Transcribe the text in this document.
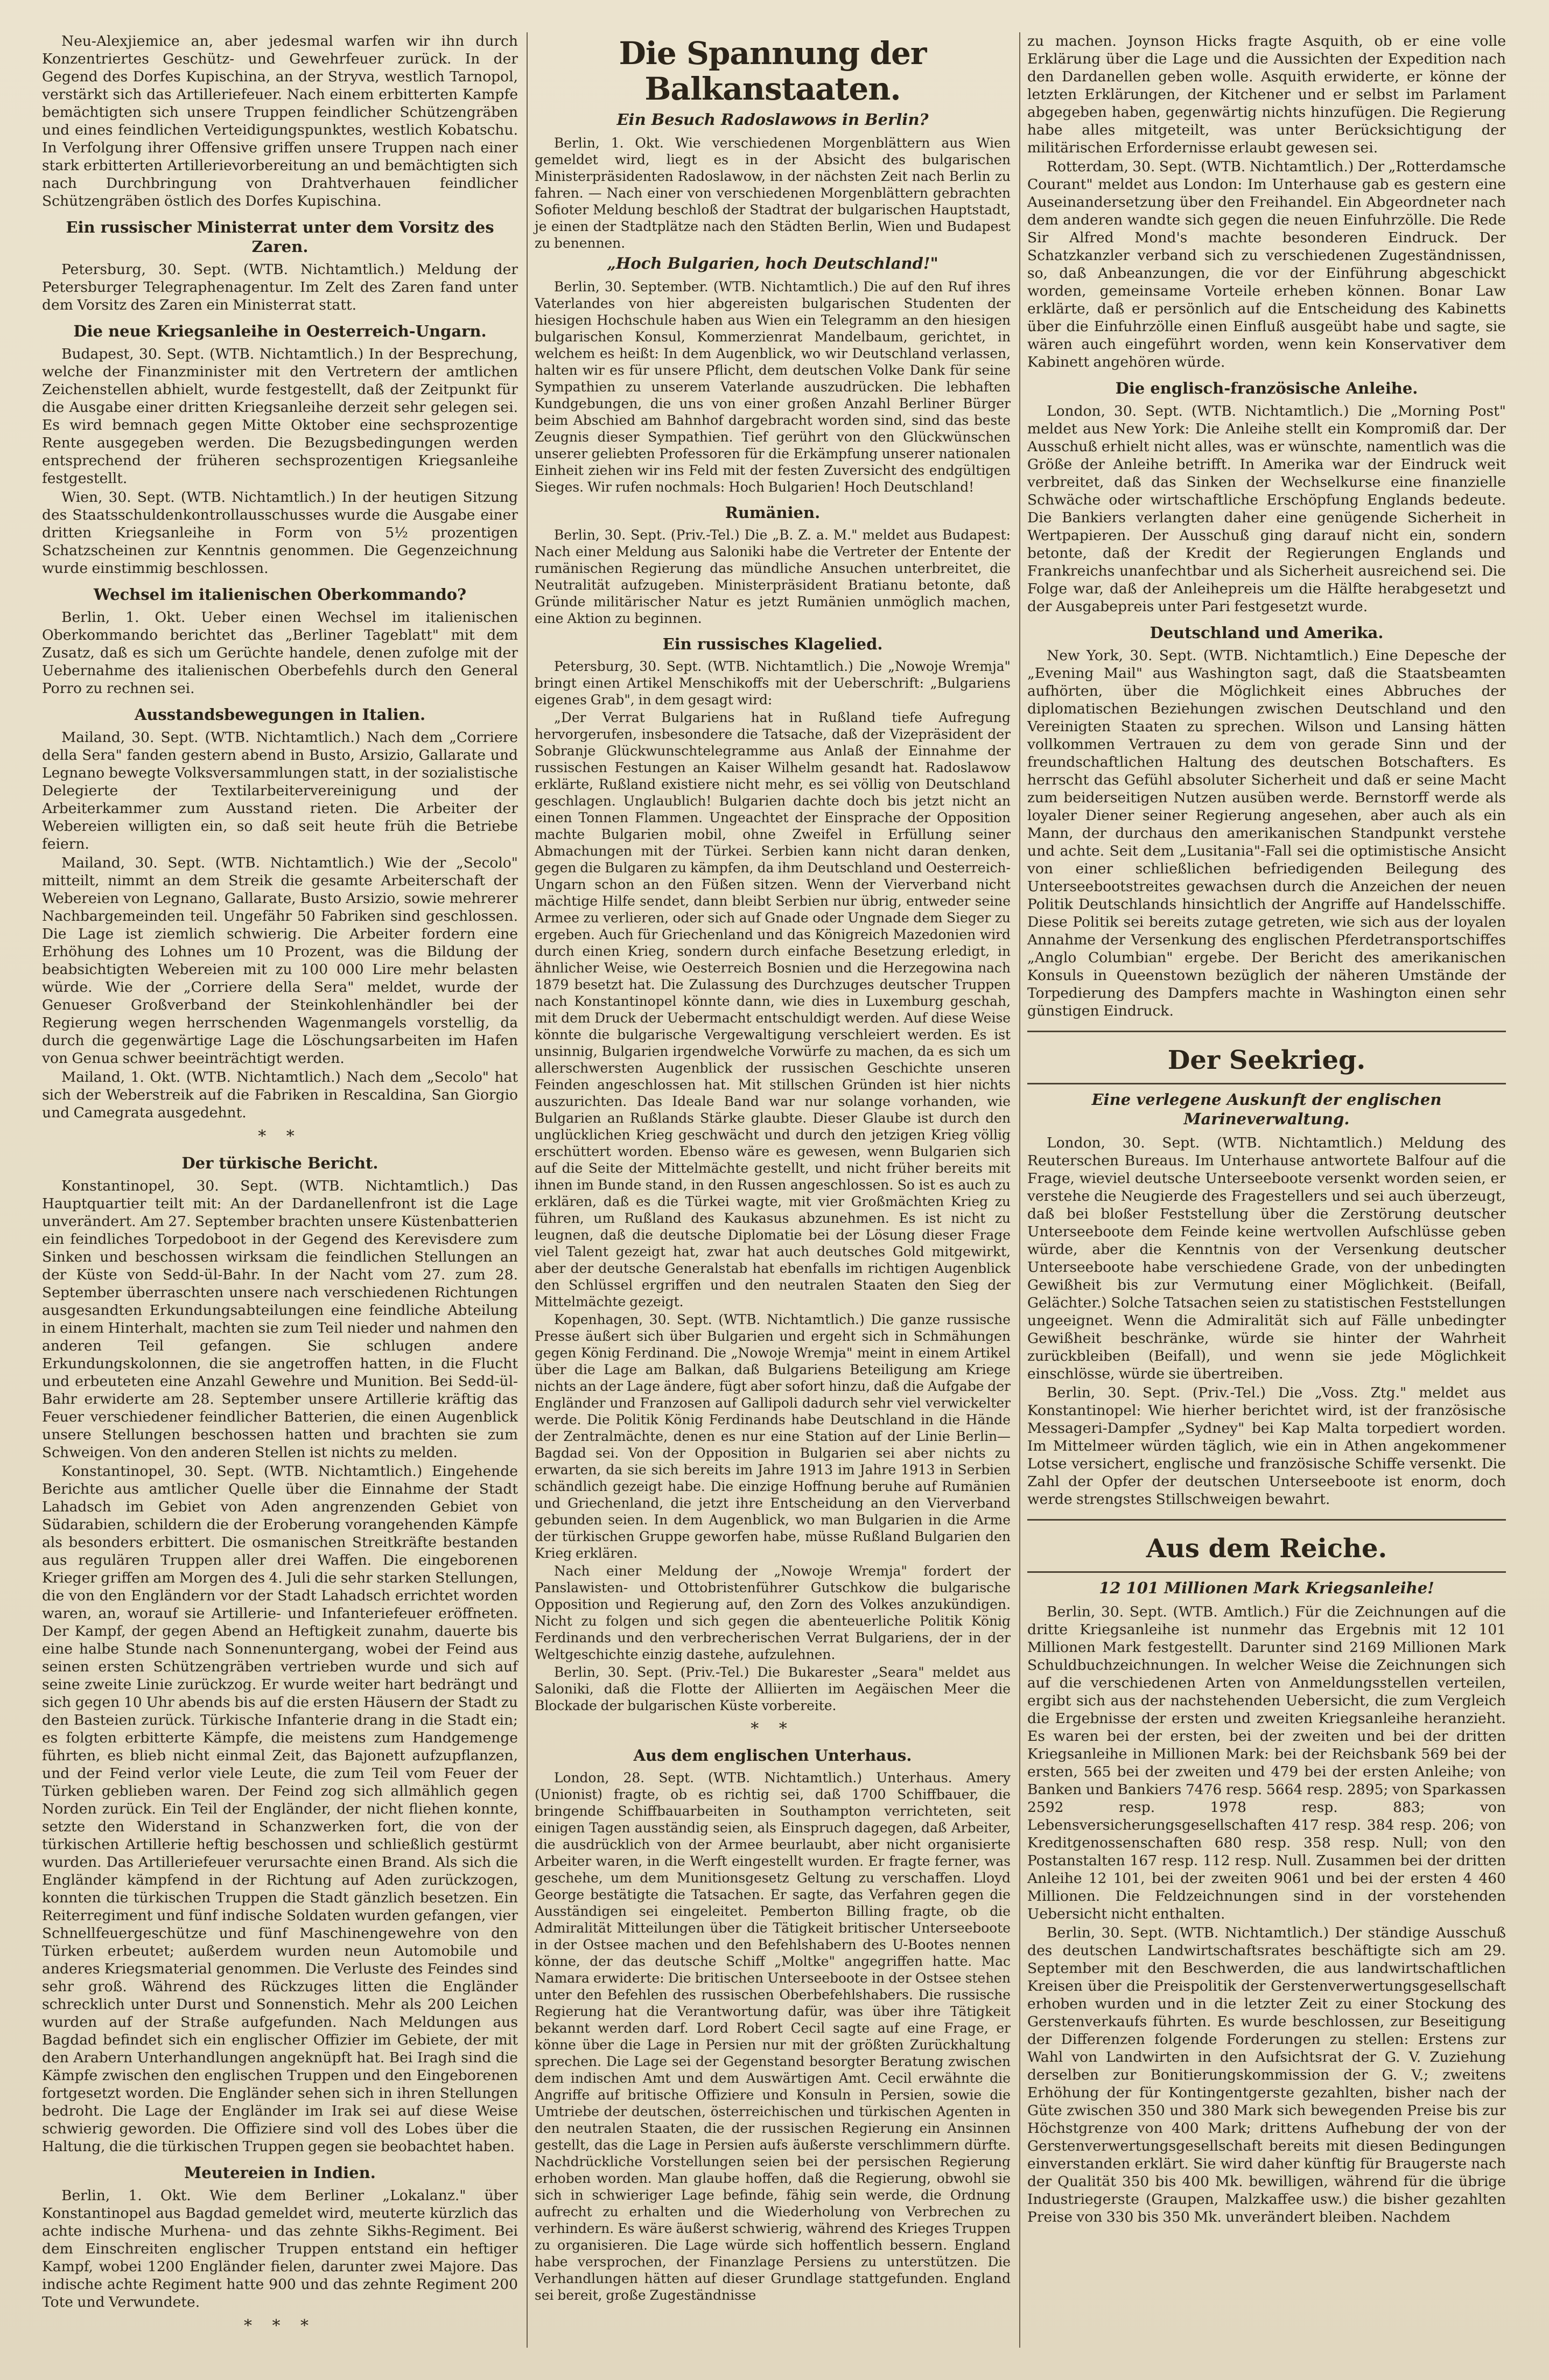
Neu-Alexjiemice an, aber jedesmal warfen wir ihn durch Konzentriertes Geschütz- und Gewehrfeuer zurück. In der Gegend des Dorfes Kupischina, an der Stryva, westlich Tarnopol, verstärkt sich das Artilleriefeuer. Nach einem erbitterten Kampfe bemächtigten sich unsere Truppen feindlicher Schützengräben und eines feindlichen Verteidigungspunktes, westlich Kobatschu. In Verfolgung ihrer Offensive griffen unsere Truppen nach einer stark erbitterten Artillerievorbereitung an und bemächtigten sich nach Durchbringung von Drahtverhauen feindlicher Schützengräben östlich des Dorfes Kupischina.

Ein russischer Ministerrat unter dem Vorsitz des Zaren.

Petersburg, 30. Sept. (WTB. Nichtamtlich.) Meldung der Petersburger Telegraphenagentur. Im Zelt des Zaren fand unter dem Vorsitz des Zaren ein Ministerrat statt.

Die neue Kriegsanleihe in Oesterreich-Ungarn.

Budapest, 30. Sept. (WTB. Nichtamtlich.) In der Besprechung, welche der Finanzminister mit den Vertretern der amtlichen Zeichenstellen abhielt, wurde festgestellt, daß der Zeitpunkt für die Ausgabe einer dritten Kriegsanleihe derzeit sehr gelegen sei. Es wird bemnach gegen Mitte Oktober eine sechsprozentige Rente ausgegeben werden. Die Bezugsbedingungen werden entsprechend der früheren sechsprozentigen Kriegsanleihe festgestellt.

Wien, 30. Sept. (WTB. Nichtamtlich.) In der heutigen Sitzung des Staatsschuldenkontrollausschusses wurde die Ausgabe einer dritten Kriegsanleihe in Form von 5½ prozentigen Schatzscheinen zur Kenntnis genommen. Die Gegenzeichnung wurde einstimmig beschlossen.

Wechsel im italienischen Oberkommando?

Berlin, 1. Okt. Ueber einen Wechsel im italienischen Oberkommando berichtet das „Berliner Tageblatt" mit dem Zusatz, daß es sich um Gerüchte handele, denen zufolge mit der Uebernahme des italienischen Oberbefehls durch den General Porro zu rechnen sei.

Ausstandsbewegungen in Italien.

Mailand, 30. Sept. (WTB. Nichtamtlich.) Nach dem „Corriere della Sera" fanden gestern abend in Busto, Arsizio, Gallarate und Legnano bewegte Volksversammlungen statt, in der sozialistische Delegierte der Textilarbeitervereinigung und der Arbeiterkammer zum Ausstand rieten. Die Arbeiter der Webereien willigten ein, so daß seit heute früh die Betriebe feiern.

Mailand, 30. Sept. (WTB. Nichtamtlich.) Wie der „Secolo" mitteilt, nimmt an dem Streik die gesamte Arbeiterschaft der Webereien von Legnano, Gallarate, Busto Arsizio, sowie mehrerer Nachbargemeinden teil. Ungefähr 50 Fabriken sind geschlossen. Die Lage ist ziemlich schwierig. Die Arbeiter fordern eine Erhöhung des Lohnes um 10 Prozent, was die Bildung der beabsichtigten Webereien mit zu 100 000 Lire mehr belasten würde. Wie der „Corriere della Sera" meldet, wurde der Genueser Großverband der Steinkohlenhändler bei der Regierung wegen herrschenden Wagenmangels vorstellig, da durch die gegenwärtige Lage die Löschungsarbeiten im Hafen von Genua schwer beeinträchtigt werden.

Mailand, 1. Okt. (WTB. Nichtamtlich.) Nach dem „Secolo" hat sich der Weberstreik auf die Fabriken in Rescaldina, San Giorgio und Camegrata ausgedehnt.

* *
Der türkische Bericht.

Konstantinopel, 30. Sept. (WTB. Nichtamtlich.) Das Hauptquartier teilt mit: An der Dardanellenfront ist die Lage unverändert. Am 27. September brachten unsere Küstenbatterien ein feindliches Torpedoboot in der Gegend des Kerevisdere zum Sinken und beschossen wirksam die feindlichen Stellungen an der Küste von Sedd-ül-Bahr. In der Nacht vom 27. zum 28. September überraschten unsere nach verschiedenen Richtungen ausgesandten Erkundungsabteilungen eine feindliche Abteilung in einem Hinterhalt, machten sie zum Teil nieder und nahmen den anderen Teil gefangen. Sie schlugen andere Erkundungskolonnen, die sie angetroffen hatten, in die Flucht und erbeuteten eine Anzahl Gewehre und Munition. Bei Sedd-ül-Bahr erwiderte am 28. September unsere Artillerie kräftig das Feuer verschiedener feindlicher Batterien, die einen Augenblick unsere Stellungen beschossen hatten und brachten sie zum Schweigen. Von den anderen Stellen ist nichts zu melden.

Konstantinopel, 30. Sept. (WTB. Nichtamtlich.) Eingehende Berichte aus amtlicher Quelle über die Einnahme der Stadt Lahadsch im Gebiet von Aden angrenzenden Gebiet von Südarabien, schildern die der Eroberung vorangehenden Kämpfe als besonders erbittert. Die osmanischen Streitkräfte bestanden aus regulären Truppen aller drei Waffen. Die eingeborenen Krieger griffen am Morgen des 4. Juli die sehr starken Stellungen, die von den Engländern vor der Stadt Lahadsch errichtet worden waren, an, worauf sie Artillerie- und Infanteriefeuer eröffneten. Der Kampf, der gegen Abend an Heftigkeit zunahm, dauerte bis eine halbe Stunde nach Sonnenuntergang, wobei der Feind aus seinen ersten Schützengräben vertrieben wurde und sich auf seine zweite Linie zurückzog. Er wurde weiter hart bedrängt und sich gegen 10 Uhr abends bis auf die ersten Häusern der Stadt zu den Basteien zurück. Türkische Infanterie drang in die Stadt ein; es folgten erbitterte Kämpfe, die meistens zum Handgemenge führten, es blieb nicht einmal Zeit, das Bajonett aufzupflanzen, und der Feind verlor viele Leute, die zum Teil vom Feuer der Türken geblieben waren. Der Feind zog sich allmählich gegen Norden zurück. Ein Teil der Engländer, der nicht fliehen konnte, setzte den Widerstand in Schanzwerken fort, die von der türkischen Artillerie heftig beschossen und schließlich gestürmt wurden. Das Artilleriefeuer verursachte einen Brand. Als sich die Engländer kämpfend in der Richtung auf Aden zurückzogen, konnten die türkischen Truppen die Stadt gänzlich besetzen. Ein Reiterregiment und fünf indische Soldaten wurden gefangen, vier Schnellfeuergeschütze und fünf Maschinengewehre von den Türken erbeutet; außerdem wurden neun Automobile und anderes Kriegsmaterial genommen. Die Verluste des Feindes sind sehr groß. Während des Rückzuges litten die Engländer schrecklich unter Durst und Sonnenstich. Mehr als 200 Leichen wurden auf der Straße aufgefunden. Nach Meldungen aus Bagdad befindet sich ein englischer Offizier im Gebiete, der mit den Arabern Unterhandlungen angeknüpft hat. Bei Iragh sind die Kämpfe zwischen den englischen Truppen und den Eingeborenen fortgesetzt worden. Die Engländer sehen sich in ihren Stellungen bedroht. Die Lage der Engländer im Irak sei auf diese Weise schwierig geworden. Die Offiziere sind voll des Lobes über die Haltung, die die türkischen Truppen gegen sie beobachtet haben.

Meutereien in Indien.

Berlin, 1. Okt. Wie dem Berliner „Lokalanz." über Konstantinopel aus Bagdad gemeldet wird, meuterte kürzlich das achte indische Murhena- und das zehnte Sikhs-Regiment. Bei dem Einschreiten englischer Truppen entstand ein heftiger Kampf, wobei 1200 Engländer fielen, darunter zwei Majore. Das indische achte Regiment hatte 900 und das zehnte Regiment 200 Tote und Verwundete.

* * *
Die Spannung der Balkanstaaten.
Ein Besuch Radoslawows in Berlin?

Berlin, 1. Okt. Wie verschiedenen Morgenblättern aus Wien gemeldet wird, liegt es in der Absicht des bulgarischen Ministerpräsidenten Radoslawow, in der nächsten Zeit nach Berlin zu fahren. — Nach einer von verschiedenen Morgenblättern gebrachten Sofioter Meldung beschloß der Stadtrat der bulgarischen Hauptstadt, je einen der Stadtplätze nach den Städten Berlin, Wien und Budapest zu benennen.

„Hoch Bulgarien, hoch Deutschland!"

Berlin, 30. September. (WTB. Nichtamtlich.) Die auf den Ruf ihres Vaterlandes von hier abgereisten bulgarischen Studenten der hiesigen Hochschule haben aus Wien ein Telegramm an den hiesigen bulgarischen Konsul, Kommerzienrat Mandelbaum, gerichtet, in welchem es heißt: In dem Augenblick, wo wir Deutschland verlassen, halten wir es für unsere Pflicht, dem deutschen Volke Dank für seine Sympathien zu unserem Vaterlande auszudrücken. Die lebhaften Kundgebungen, die uns von einer großen Anzahl Berliner Bürger beim Abschied am Bahnhof dargebracht worden sind, sind das beste Zeugnis dieser Sympathien. Tief gerührt von den Glückwünschen unserer geliebten Professoren für die Erkämpfung unserer nationalen Einheit ziehen wir ins Feld mit der festen Zuversicht des endgültigen Sieges. Wir rufen nochmals: Hoch Bulgarien! Hoch Deutschland!

Rumänien.

Berlin, 30. Sept. (Priv.-Tel.) Die „B. Z. a. M." meldet aus Budapest: Nach einer Meldung aus Saloniki habe die Vertreter der Entente der rumänischen Regierung das mündliche Ansuchen unterbreitet, die Neutralität aufzugeben. Ministerpräsident Bratianu betonte, daß Gründe militärischer Natur es jetzt Rumänien unmöglich machen, eine Aktion zu beginnen.

Ein russisches Klagelied.

Petersburg, 30. Sept. (WTB. Nichtamtlich.) Die „Nowoje Wremja" bringt einen Artikel Menschikoffs mit der Ueberschrift: „Bulgariens eigenes Grab", in dem gesagt wird:

„Der Verrat Bulgariens hat in Rußland tiefe Aufregung hervorgerufen, insbesondere die Tatsache, daß der Vizepräsident der Sobranje Glückwunschtelegramme aus Anlaß der Einnahme der russischen Festungen an Kaiser Wilhelm gesandt hat. Radoslawow erklärte, Rußland existiere nicht mehr, es sei völlig von Deutschland geschlagen. Unglaublich! Bulgarien dachte doch bis jetzt nicht an einen Tonnen Flammen. Ungeachtet der Einsprache der Opposition machte Bulgarien mobil, ohne Zweifel in Erfüllung seiner Abmachungen mit der Türkei. Serbien kann nicht daran denken, gegen die Bulgaren zu kämpfen, da ihm Deutschland und Oesterreich-Ungarn schon an den Füßen sitzen. Wenn der Vierverband nicht mächtige Hilfe sendet, dann bleibt Serbien nur übrig, entweder seine Armee zu verlieren, oder sich auf Gnade oder Ungnade dem Sieger zu ergeben. Auch für Griechenland und das Königreich Mazedonien wird durch einen Krieg, sondern durch einfache Besetzung erledigt, in ähnlicher Weise, wie Oesterreich Bosnien und die Herzegowina nach 1879 besetzt hat. Die Zulassung des Durchzuges deutscher Truppen nach Konstantinopel könnte dann, wie dies in Luxemburg geschah, mit dem Druck der Uebermacht entschuldigt werden. Auf diese Weise könnte die bulgarische Vergewaltigung verschleiert werden. Es ist unsinnig, Bulgarien irgendwelche Vorwürfe zu machen, da es sich um allerschwersten Augenblick der russischen Geschichte unseren Feinden angeschlossen hat. Mit stillschen Gründen ist hier nichts auszurichten. Das Ideale Band war nur solange vorhanden, wie Bulgarien an Rußlands Stärke glaubte. Dieser Glaube ist durch den unglücklichen Krieg geschwächt und durch den jetzigen Krieg völlig erschüttert worden. Ebenso wäre es gewesen, wenn Bulgarien sich auf die Seite der Mittelmächte gestellt, und nicht früher bereits mit ihnen im Bunde stand, in den Russen angeschlossen. So ist es auch zu erklären, daß es die Türkei wagte, mit vier Großmächten Krieg zu führen, um Rußland des Kaukasus abzunehmen. Es ist nicht zu leugnen, daß die deutsche Diplomatie bei der Lösung dieser Frage viel Talent gezeigt hat, zwar hat auch deutsches Gold mitgewirkt, aber der deutsche Generalstab hat ebenfalls im richtigen Augenblick den Schlüssel ergriffen und den neutralen Staaten den Sieg der Mittelmächte gezeigt.

Kopenhagen, 30. Sept. (WTB. Nichtamtlich.) Die ganze russische Presse äußert sich über Bulgarien und ergeht sich in Schmähungen gegen König Ferdinand. Die „Nowoje Wremja" meint in einem Artikel über die Lage am Balkan, daß Bulgariens Beteiligung am Kriege nichts an der Lage ändere, fügt aber sofort hinzu, daß die Aufgabe der Engländer und Franzosen auf Gallipoli dadurch sehr viel verwickelter werde. Die Politik König Ferdinands habe Deutschland in die Hände der Zentralmächte, denen es nur eine Station auf der Linie Berlin—Bagdad sei. Von der Opposition in Bulgarien sei aber nichts zu erwarten, da sie sich bereits im Jahre 1913 im Jahre 1913 in Serbien schändlich gezeigt habe. Die einzige Hoffnung beruhe auf Rumänien und Griechenland, die jetzt ihre Entscheidung an den Vierverband gebunden seien. In dem Augenblick, wo man Bulgarien in die Arme der türkischen Gruppe geworfen habe, müsse Rußland Bulgarien den Krieg erklären.

Nach einer Meldung der „Nowoje Wremja" fordert der Panslawisten- und Ottobristenführer Gutschkow die bulgarische Opposition und Regierung auf, den Zorn des Volkes anzukündigen. Nicht zu folgen und sich gegen die abenteuerliche Politik König Ferdinands und den verbrecherischen Verrat Bulgariens, der in der Weltgeschichte einzig dastehe, aufzulehnen.

Berlin, 30. Sept. (Priv.-Tel.) Die Bukarester „Seara" meldet aus Saloniki, daß die Flotte der Alliierten im Aegäischen Meer die Blockade der bulgarischen Küste vorbereite.

* *
Aus dem englischen Unterhaus.

London, 28. Sept. (WTB. Nichtamtlich.) Unterhaus. Amery (Unionist) fragte, ob es richtig sei, daß 1700 Schiffbauer, die bringende Schiffbauarbeiten in Southampton verrichteten, seit einigen Tagen ausständig seien, als Einspruch dagegen, daß Arbeiter, die ausdrücklich von der Armee beurlaubt, aber nicht organisierte Arbeiter waren, in die Werft eingestellt wurden. Er fragte ferner, was geschehe, um dem Munitionsgesetz Geltung zu verschaffen. Lloyd George bestätigte die Tatsachen. Er sagte, das Verfahren gegen die Ausständigen sei eingeleitet. Pemberton Billing fragte, ob die Admiralität Mitteilungen über die Tätigkeit britischer Unterseeboote in der Ostsee machen und den Befehlshabern des U-Bootes nennen könne, der das deutsche Schiff „Moltke" angegriffen hatte. Mac Namara erwiderte: Die britischen Unterseeboote in der Ostsee stehen unter den Befehlen des russischen Oberbefehlshabers. Die russische Regierung hat die Verantwortung dafür, was über ihre Tätigkeit bekannt werden darf. Lord Robert Cecil sagte auf eine Frage, er könne über die Lage in Persien nur mit der größten Zurückhaltung sprechen. Die Lage sei der Gegenstand besorgter Beratung zwischen dem indischen Amt und dem Auswärtigen Amt. Cecil erwähnte die Angriffe auf britische Offiziere und Konsuln in Persien, sowie die Umtriebe der deutschen, österreichischen und türkischen Agenten in den neutralen Staaten, die der russischen Regierung ein Ansinnen gestellt, das die Lage in Persien aufs äußerste verschlimmern dürfte. Nachdrückliche Vorstellungen seien bei der persischen Regierung erhoben worden. Man glaube hoffen, daß die Regierung, obwohl sie sich in schwieriger Lage befinde, fähig sein werde, die Ordnung aufrecht zu erhalten und die Wiederholung von Verbrechen zu verhindern. Es wäre äußerst schwierig, während des Krieges Truppen zu organisieren. Die Lage würde sich hoffentlich bessern. England habe versprochen, der Finanzlage Persiens zu unterstützen. Die Verhandlungen hätten auf dieser Grundlage stattgefunden. England sei bereit, große Zugeständnisse

zu machen. Joynson Hicks fragte Asquith, ob er eine volle Erklärung über die Lage und die Aussichten der Expedition nach den Dardanellen geben wolle. Asquith erwiderte, er könne der letzten Erklärungen, der Kitchener und er selbst im Parlament abgegeben haben, gegenwärtig nichts hinzufügen. Die Regierung habe alles mitgeteilt, was unter Berücksichtigung der militärischen Erfordernisse erlaubt gewesen sei.

Rotterdam, 30. Sept. (WTB. Nichtamtlich.) Der „Rotterdamsche Courant" meldet aus London: Im Unterhause gab es gestern eine Auseinandersetzung über den Freihandel. Ein Abgeordneter nach dem anderen wandte sich gegen die neuen Einfuhrzölle. Die Rede Sir Alfred Mond's machte besonderen Eindruck. Der Schatzkanzler verband sich zu verschiedenen Zugeständnissen, so, daß Anbeanzungen, die vor der Einführung abgeschickt worden, gemeinsame Vorteile erheben können. Bonar Law erklärte, daß er persönlich auf die Entscheidung des Kabinetts über die Einfuhrzölle einen Einfluß ausgeübt habe und sagte, sie wären auch eingeführt worden, wenn kein Konservativer dem Kabinett angehören würde.

Die englisch-französische Anleihe.

London, 30. Sept. (WTB. Nichtamtlich.) Die „Morning Post" meldet aus New York: Die Anleihe stellt ein Kompromiß dar. Der Ausschuß erhielt nicht alles, was er wünschte, namentlich was die Größe der Anleihe betrifft. In Amerika war der Eindruck weit verbreitet, daß das Sinken der Wechselkurse eine finanzielle Schwäche oder wirtschaftliche Erschöpfung Englands bedeute. Die Bankiers verlangten daher eine genügende Sicherheit in Wertpapieren. Der Ausschuß ging darauf nicht ein, sondern betonte, daß der Kredit der Regierungen Englands und Frankreichs unanfechtbar und als Sicherheit ausreichend sei. Die Folge war, daß der Anleihepreis um die Hälfte herabgesetzt und der Ausgabepreis unter Pari festgesetzt wurde.

Deutschland und Amerika.

New York, 30. Sept. (WTB. Nichtamtlich.) Eine Depesche der „Evening Mail" aus Washington sagt, daß die Staatsbeamten aufhörten, über die Möglichkeit eines Abbruches der diplomatischen Beziehungen zwischen Deutschland und den Vereinigten Staaten zu sprechen. Wilson und Lansing hätten vollkommen Vertrauen zu dem von gerade Sinn und der freundschaftlichen Haltung des deutschen Botschafters. Es herrscht das Gefühl absoluter Sicherheit und daß er seine Macht zum beiderseitigen Nutzen ausüben werde. Bernstorff werde als loyaler Diener seiner Regierung angesehen, aber auch als ein Mann, der durchaus den amerikanischen Standpunkt verstehe und achte. Seit dem „Lusitania"-Fall sei die optimistische Ansicht von einer schließlichen befriedigenden Beilegung des Unterseebootstreites gewachsen durch die Anzeichen der neuen Politik Deutschlands hinsichtlich der Angriffe auf Handelsschiffe. Diese Politik sei bereits zutage getreten, wie sich aus der loyalen Annahme der Versenkung des englischen Pferdetransportschiffes „Anglo Columbian" ergebe. Der Bericht des amerikanischen Konsuls in Queenstown bezüglich der näheren Umstände der Torpedierung des Dampfers machte in Washington einen sehr günstigen Eindruck.

Der Seekrieg.
Eine verlegene Auskunft der englischen Marineverwaltung.

London, 30. Sept. (WTB. Nichtamtlich.) Meldung des Reuterschen Bureaus. Im Unterhause antwortete Balfour auf die Frage, wieviel deutsche Unterseeboote versenkt worden seien, er verstehe die Neugierde des Fragestellers und sei auch überzeugt, daß bei bloßer Feststellung über die Zerstörung deutscher Unterseeboote dem Feinde keine wertvollen Aufschlüsse geben würde, aber die Kenntnis von der Versenkung deutscher Unterseeboote habe verschiedene Grade, von der unbedingten Gewißheit bis zur Vermutung einer Möglichkeit. (Beifall, Gelächter.) Solche Tatsachen seien zu statistischen Feststellungen ungeeignet. Wenn die Admiralität sich auf Fälle unbedingter Gewißheit beschränke, würde sie hinter der Wahrheit zurückbleiben (Beifall), und wenn sie jede Möglichkeit einschlösse, würde sie übertreiben.

Berlin, 30. Sept. (Priv.-Tel.) Die „Voss. Ztg." meldet aus Konstantinopel: Wie hierher berichtet wird, ist der französische Messageri-Dampfer „Sydney" bei Kap Malta torpediert worden. Im Mittelmeer würden täglich, wie ein in Athen angekommener Lotse versichert, englische und französische Schiffe versenkt. Die Zahl der Opfer der deutschen Unterseeboote ist enorm, doch werde strengstes Stillschweigen bewahrt.

Aus dem Reiche.
12 101 Millionen Mark Kriegsanleihe!

Berlin, 30. Sept. (WTB. Amtlich.) Für die Zeichnungen auf die dritte Kriegsanleihe ist nunmehr das Ergebnis mit 12 101 Millionen Mark festgestellt. Darunter sind 2169 Millionen Mark Schuldbuchzeichnungen. In welcher Weise die Zeichnungen sich auf die verschiedenen Arten von Anmeldungsstellen verteilen, ergibt sich aus der nachstehenden Uebersicht, die zum Vergleich die Ergebnisse der ersten und zweiten Kriegsanleihe heranzieht. Es waren bei der ersten, bei der zweiten und bei der dritten Kriegsanleihe in Millionen Mark: bei der Reichsbank 569 bei der ersten, 565 bei der zweiten und 479 bei der ersten Anleihe; von Banken und Bankiers 7476 resp. 5664 resp. 2895; von Sparkassen 2592 resp. 1978 resp. 883; von Lebensversicherungsgesellschaften 417 resp. 384 resp. 206; von Kreditgenossenschaften 680 resp. 358 resp. Null; von den Postanstalten 167 resp. 112 resp. Null. Zusammen bei der dritten Anleihe 12 101, bei der zweiten 9061 und bei der ersten 4 460 Millionen. Die Feldzeichnungen sind in der vorstehenden Uebersicht nicht enthalten.

Berlin, 30. Sept. (WTB. Nichtamtlich.) Der ständige Ausschuß des deutschen Landwirtschaftsrates beschäftigte sich am 29. September mit den Beschwerden, die aus landwirtschaftlichen Kreisen über die Preispolitik der Gerstenverwertungsgesellschaft erhoben wurden und in die letzter Zeit zu einer Stockung des Gerstenverkaufs führten. Es wurde beschlossen, zur Beseitigung der Differenzen folgende Forderungen zu stellen: Erstens zur Wahl von Landwirten in den Aufsichtsrat der G. V. Zuziehung derselben zur Bonitierungskommission der G. V.; zweitens Erhöhung der für Kontingentgerste gezahlten, bisher nach der Güte zwischen 350 und 380 Mark sich bewegenden Preise bis zur Höchstgrenze von 400 Mark; drittens Aufhebung der von der Gerstenverwertungsgesellschaft bereits mit diesen Bedingungen einverstanden erklärt. Sie wird daher künftig für Braugerste nach der Qualität 350 bis 400 Mk. bewilligen, während für die übrige Industriegerste (Graupen, Malzkaffee usw.) die bisher gezahlten Preise von 330 bis 350 Mk. unverändert bleiben. Nachdem
